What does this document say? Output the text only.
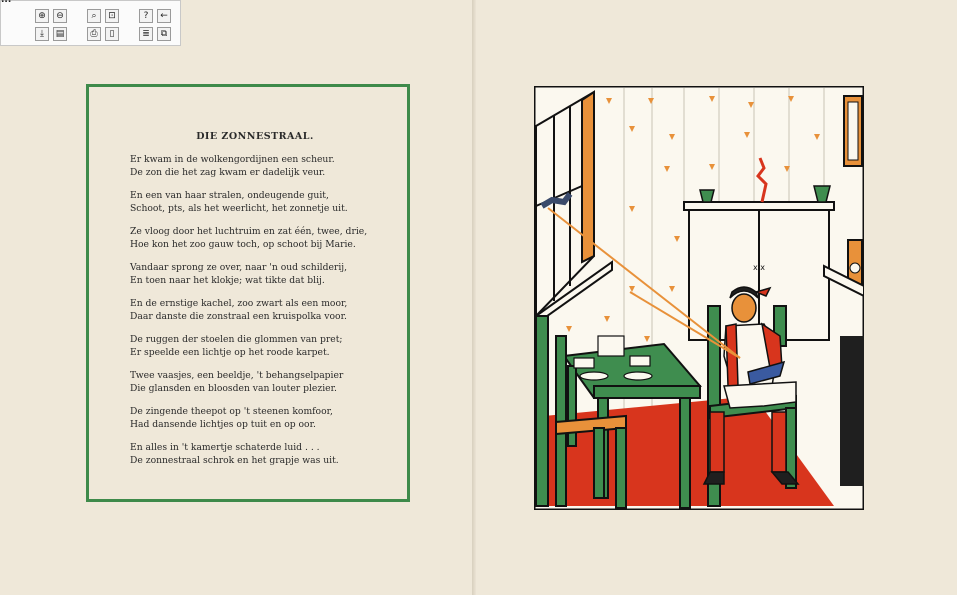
DIE ZONNESTRAAL.
Er kwam in de wolkengordijnen een scheur.
De zon die het zag kwam er dadelijk veur.
En een van haar stralen, ondeugende guit,
Schoot, pts, als het weerlicht, het zonnetje uit.
Ze vloog door het luchtruim en zat één, twee, drie,
Hoe kon het zoo gauw toch, op schoot bij Marie.
Vandaar sprong ze over, naar 'n oud schilderij,
En toen naar het klokje; wat tikte dat blij.
En de ernstige kachel, zoo zwart als een moor,
Daar danste die zonstraal een kruispolka voor.
De ruggen der stoelen die glommen van pret;
Er speelde een lichtje op het roode karpet.
Twee vaasjes, een beeldje, 't behangselpapier
Die glansden en bloosden van louter plezier.
De zingende theepot op 't steenen komfoor,
Had dansende lichtjes op tuit en op oor.
En alles in 't kamertje schaterde luid . . .
De zonnestraal schrok en het grapje was uit.
x x
...
⊕	⊖	⌕	⊡	?	←
⤓	▤	⎙	▯	≣	⧉
